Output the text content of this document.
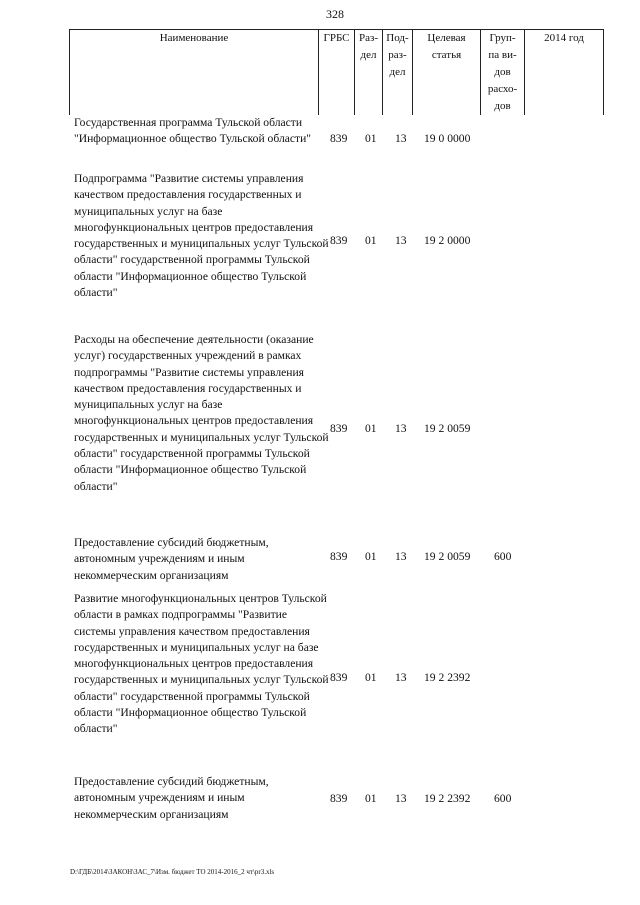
328
Наименование	ГРБС Раз-
дел
Под-
раз-
дел
Целевая
статья
Груп-
па ви-
дов
расхо-
дов
2014 год
Государственная программа Тульской области "Информационное общество Тульской области"	839 01 13 19 0 0000
Подпрограмма "Развитие системы управления качеством предоставления государственных и муниципальных услуг на базе многофункциональных центров предоставления государственных и муниципальных услуг Тульской области" государственной программы Тульской области "Информационное общество Тульской области"
839 01 13 19 2 0000
Расходы на обеспечение деятельности (оказание услуг) государственных учреждений в рамках подпрограммы "Развитие системы управления качеством предоставления государственных и муниципальных услуг на базе многофункциональных центров предоставления государственных и муниципальных услуг Тульской области" государственной программы Тульской области "Информационное общество Тульской области"
839 01 13 19 2 0059
Предоставление субсидий бюджетным, автономным учреждениям и иным некоммерческим организациям
839 01 13 19 2 0059 600
Развитие многофункциональных центров Тульской области в рамках подпрограммы "Развитие системы управления качеством предоставления государственных и муниципальных услуг на базе многофункциональных центров предоставления государственных и муниципальных услуг Тульской области" государственной программы Тульской области "Информационное общество Тульской области"
839 01 13 19 2 2392
Предоставление субсидий бюджетным, автономным учреждениям и иным некоммерческим организациям
839 01 13 19 2 2392 600
D:\ГДБ\2014\ЗАКОН\ЗАС_7\Изм. бюджет ТО 2014-2016_2 чт\pr3.xls
